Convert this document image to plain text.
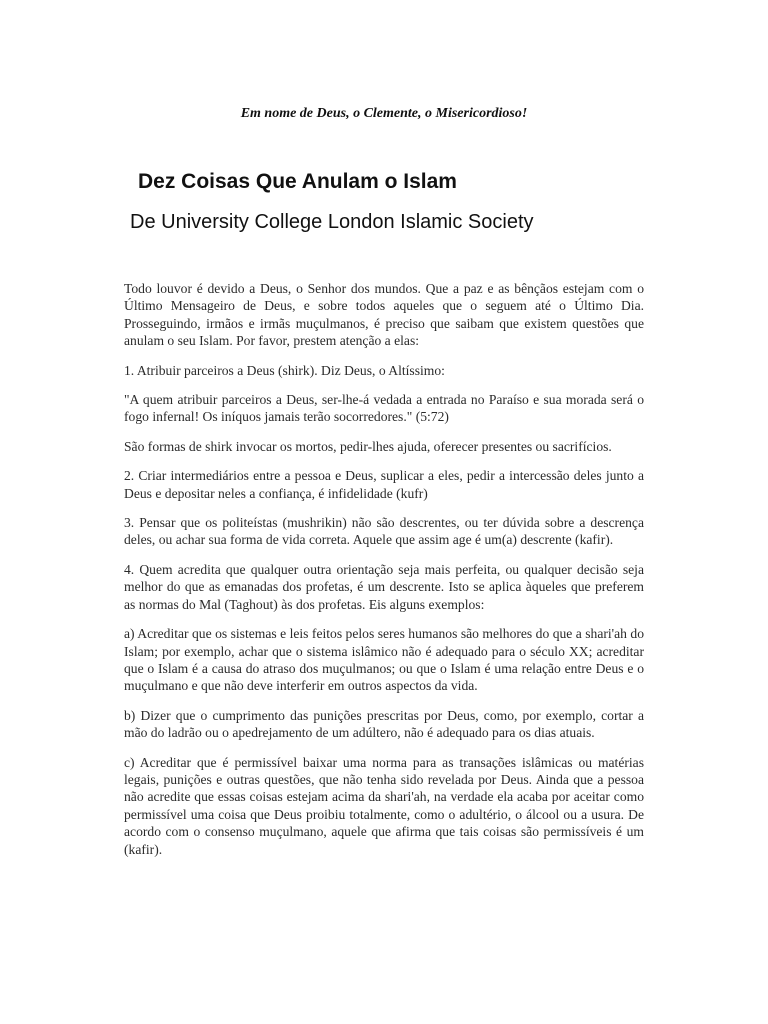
Em nome de Deus, o Clemente, o Misericordioso!
Dez Coisas Que Anulam o Islam
De University College London Islamic Society

Todo louvor é devido a Deus, o Senhor dos mundos. Que a paz e as bênçãos estejam com o Último Mensageiro de Deus, e sobre todos aqueles que o seguem até o Último Dia. Prosseguindo, irmãos e irmãs muçulmanos, é preciso que saibam que existem questões que anulam o seu Islam. Por favor, prestem atenção a elas:

1. Atribuir parceiros a Deus (shirk). Diz Deus, o Altíssimo:

"A quem atribuir parceiros a Deus, ser-lhe-á vedada a entrada no Paraíso e sua morada será o fogo infernal! Os iníquos jamais terão socorredores." (5:72)

São formas de shirk invocar os mortos, pedir-lhes ajuda, oferecer presentes ou sacrifícios.

2. Criar intermediários entre a pessoa e Deus, suplicar a eles, pedir a intercessão deles junto a Deus e depositar neles a confiança, é infidelidade (kufr)

3. Pensar que os politeístas (mushrikin) não são descrentes, ou ter dúvida sobre a descrença deles, ou achar sua forma de vida correta. Aquele que assim age é um(a) descrente (kafir).

4. Quem acredita que qualquer outra orientação seja mais perfeita, ou qualquer decisão seja melhor do que as emanadas dos profetas, é um descrente. Isto se aplica àqueles que preferem as normas do Mal (Taghout) às dos profetas. Eis alguns exemplos:

a) Acreditar que os sistemas e leis feitos pelos seres humanos são melhores do que a shari'ah do Islam; por exemplo, achar que o sistema islâmico não é adequado para o século XX; acreditar que o Islam é a causa do atraso dos muçulmanos; ou que o Islam é uma relação entre Deus e o muçulmano e que não deve interferir em outros aspectos da vida.

b) Dizer que o cumprimento das punições prescritas por Deus, como, por exemplo, cortar a mão do ladrão ou o apedrejamento de um adúltero, não é adequado para os dias atuais.

c) Acreditar que é permissível baixar uma norma para as transações islâmicas ou matérias legais, punições e outras questões, que não tenha sido revelada por Deus. Ainda que a pessoa não acredite que essas coisas estejam acima da shari'ah, na verdade ela acaba por aceitar como permissível uma coisa que Deus proibiu totalmente, como o adultério, o álcool ou a usura. De acordo com o consenso muçulmano, aquele que afirma que tais coisas são permissíveis é um (kafir).
